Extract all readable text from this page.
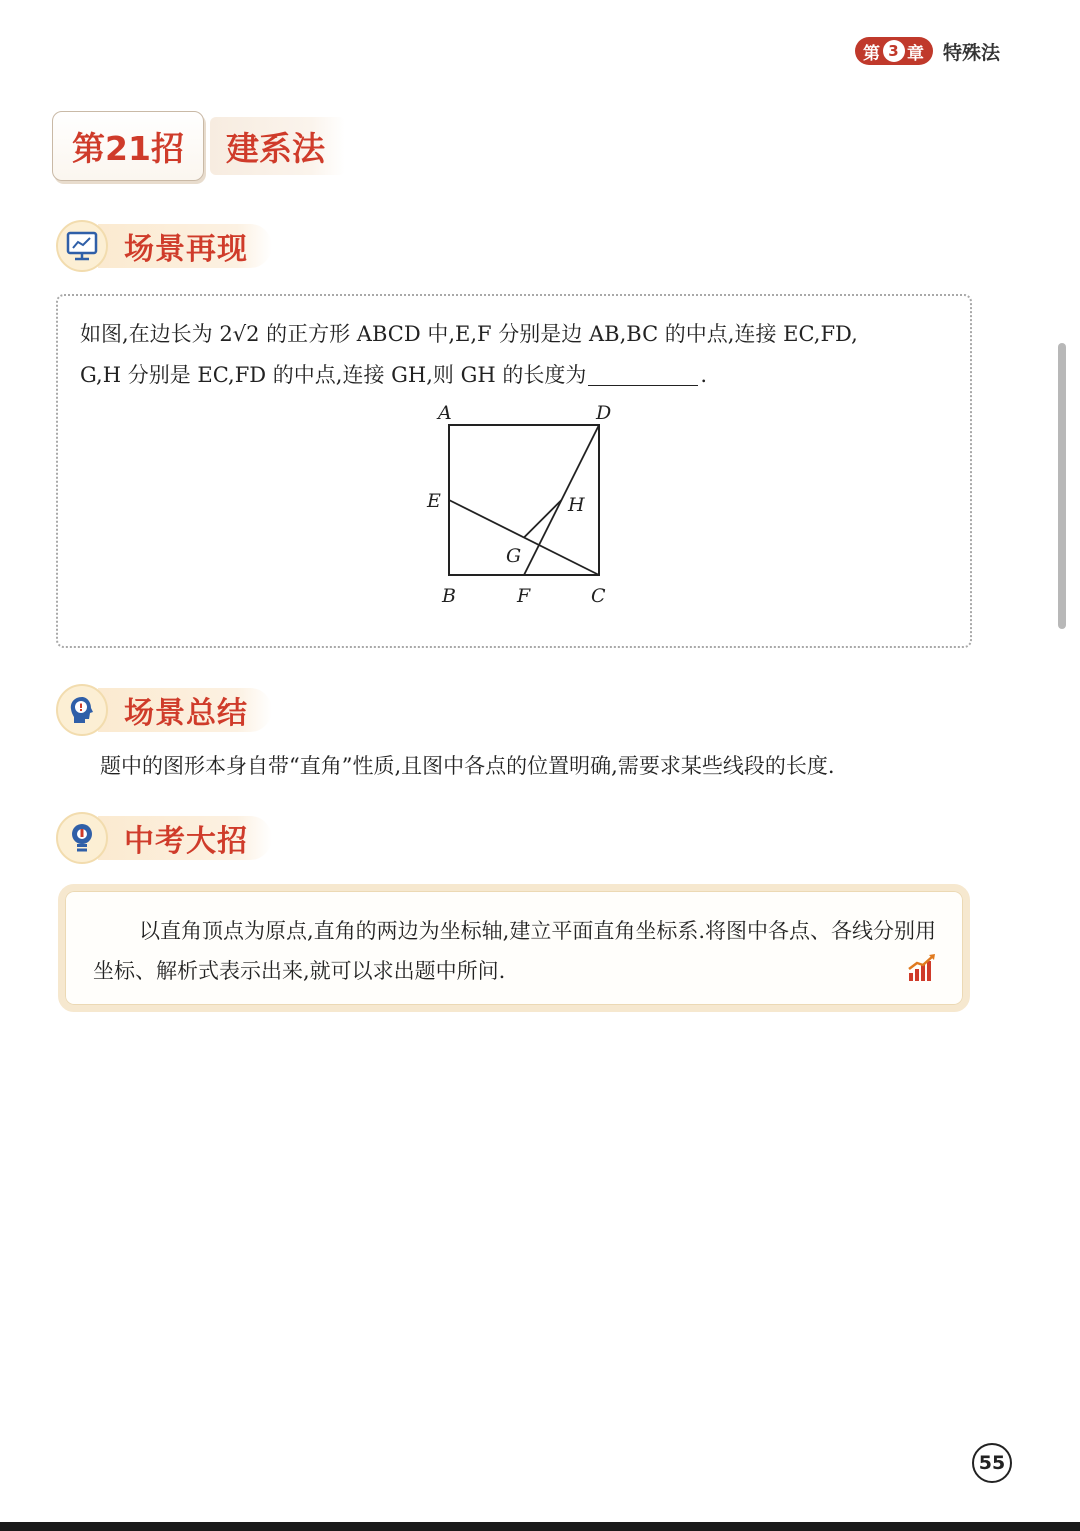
第 3 章 特殊法
第21招	建系法
场景再现
如图,在边长为 2√2 的正方形 ABCD 中,E,F 分别是边 AB,BC 的中点,连接 EC,FD,
G,H 分别是 EC,FD 的中点,连接 GH,则 GH 的长度为	.
A	D
E	H
G
B	F	C
场景总结
题中的图形本身自带“直角”性质,且图中各点的位置明确,需要求某些线段的长度.
中考大招
以直角顶点为原点,直角的两边为坐标轴,建立平面直角坐标系.将图中各点、各线分别用坐标、解析式表示出来,就可以求出题中所问.
55
